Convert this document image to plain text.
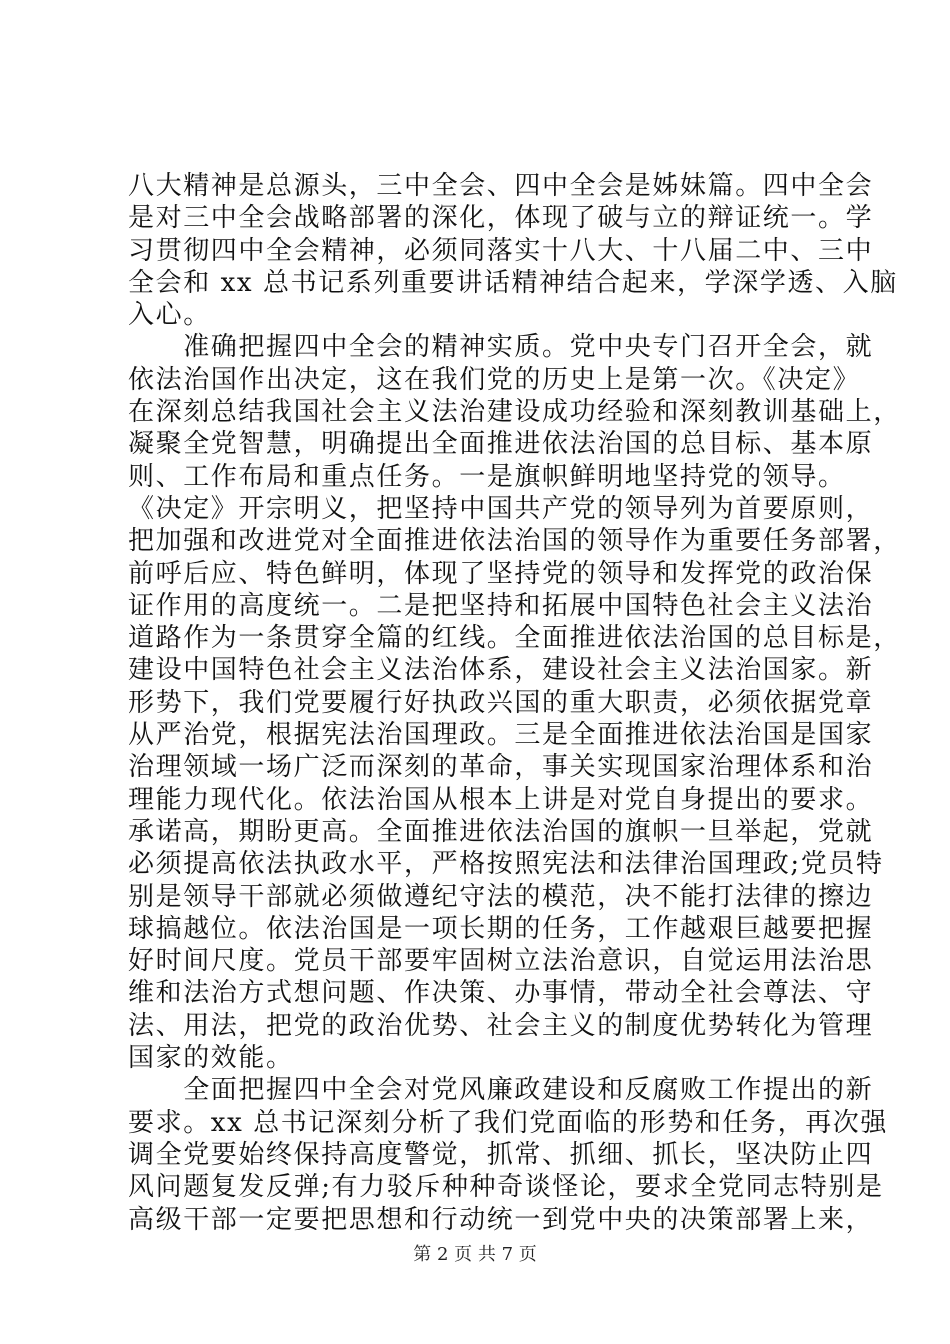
八大精神是总源头，三中全会、四中全会是姊妹篇。四中全会
是对三中全会战略部署的深化，体现了破与立的辩证统一。学
习贯彻四中全会精神，必须同落实十八大、十八届二中、三中
全会和 xx 总书记系列重要讲话精神结合起来，学深学透、入脑
入心。
　　准确把握四中全会的精神实质。党中央专门召开全会，就
依法治国作出决定，这在我们党的历史上是第一次。《决定》
在深刻总结我国社会主义法治建设成功经验和深刻教训基础上，
凝聚全党智慧，明确提出全面推进依法治国的总目标、基本原
则、工作布局和重点任务。一是旗帜鲜明地坚持党的领导。
《决定》开宗明义，把坚持中国共产党的领导列为首要原则，
把加强和改进党对全面推进依法治国的领导作为重要任务部署，
前呼后应、特色鲜明，体现了坚持党的领导和发挥党的政治保
证作用的高度统一。二是把坚持和拓展中国特色社会主义法治
道路作为一条贯穿全篇的红线。全面推进依法治国的总目标是，
建设中国特色社会主义法治体系，建设社会主义法治国家。新
形势下，我们党要履行好执政兴国的重大职责，必须依据党章
从严治党，根据宪法治国理政。三是全面推进依法治国是国家
治理领域一场广泛而深刻的革命，事关实现国家治理体系和治
理能力现代化。依法治国从根本上讲是对党自身提出的要求。
承诺高，期盼更高。全面推进依法治国的旗帜一旦举起，党就
必须提高依法执政水平，严格按照宪法和法律治国理政;党员特
别是领导干部就必须做遵纪守法的模范，决不能打法律的擦边
球搞越位。依法治国是一项长期的任务，工作越艰巨越要把握
好时间尺度。党员干部要牢固树立法治意识，自觉运用法治思
维和法治方式想问题、作决策、办事情，带动全社会尊法、守
法、用法，把党的政治优势、社会主义的制度优势转化为管理
国家的效能。
　　全面把握四中全会对党风廉政建设和反腐败工作提出的新
要求。xx 总书记深刻分析了我们党面临的形势和任务，再次强
调全党要始终保持高度警觉，抓常、抓细、抓长，坚决防止四
风问题复发反弹;有力驳斥种种奇谈怪论，要求全党同志特别是
高级干部一定要把思想和行动统一到党中央的决策部署上来，
第 2 页 共 7 页
